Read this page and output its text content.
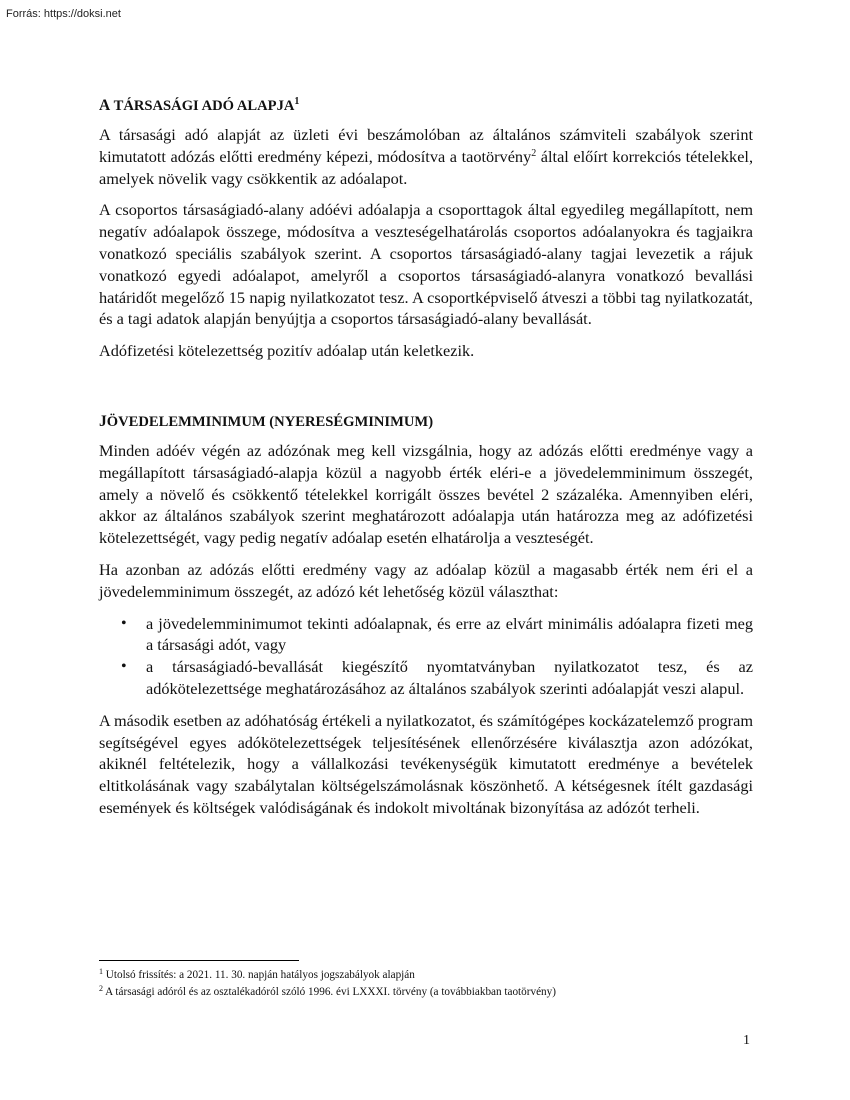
Forrás: https://doksi.net
A TÁRSASÁGI ADÓ ALAPJA$^1$

A társasági adó alapját az üzleti évi beszámolóban az általános számviteli szabályok szerint kimutatott adózás előtti eredmény képezi, módosítva a taotörvény$^2$ által előírt korrekciós tételekkel, amelyek növelik vagy csökkentik az adóalapot.

A csoportos társaságiadó-alany adóévi adóalapja a csoporttagok által egyedileg megállapított, nem negatív adóalapok összege, módosítva a veszteségelhatárolás csoportos adóalanyokra és tagjaikra vonatkozó speciális szabályok szerint. A csoportos társaságiadó-alany tagjai levezetik a rájuk vonatkozó egyedi adóalapot, amelyről a csoportos társaságiadó-alanyra vonatkozó bevallási határidőt megelőző 15 napig nyilatkozatot tesz. A csoportképviselő átveszi a többi tag nyilatkozatát, és a tagi adatok alapján benyújtja a csoportos társaságiadó-alany bevallását.

Adófizetési kötelezettség pozitív adóalap után keletkezik.

JÖVEDELEMMINIMUM (NYERESÉGMINIMUM)

Minden adóév végén az adózónak meg kell vizsgálnia, hogy az adózás előtti eredménye vagy a megállapított társaságiadó-alapja közül a nagyobb érték eléri-e a jövedelemminimum összegét, amely a növelő és csökkentő tételekkel korrigált összes bevétel 2 százaléka. Amennyiben eléri, akkor az általános szabályok szerint meghatározott adóalapja után határozza meg az adófizetési kötelezettségét, vagy pedig negatív adóalap esetén elhatárolja a veszteségét.

Ha azonban az adózás előtti eredmény vagy az adóalap közül a magasabb érték nem éri el a jövedelemminimum összegét, az adózó két lehetőség közül választhat:

• a jövedelemminimumot tekinti adóalapnak, és erre az elvárt minimális adóalapra fizeti meg a társasági adót, vagy
• a társaságiadó-bevallását kiegészítő nyomtatványban nyilatkozatot tesz, és az adókötelezettsége meghatározásához az általános szabályok szerinti adóalapját veszi alapul.

A második esetben az adóhatóság értékeli a nyilatkozatot, és számítógépes kockázatelemző program segítségével egyes adókötelezettségek teljesítésének ellenőrzésére kiválasztja azon adózókat, akiknél feltételezik, hogy a vállalkozási tevékenységük kimutatott eredménye a bevételek eltitkolásának vagy szabálytalan költségelszámolásnak köszönhető. A kétségesnek ítélt gazdasági események és költségek valódiságának és indokolt mivoltának bizonyítása az adózót terheli.

$^1$ Utolsó frissítés: a 2021. 11. 30. napján hatályos jogszabályok alapján
$^2$ A társasági adóról és az osztalékadóról szóló 1996. évi LXXXI. törvény (a továbbiakban taotörvény)
1
